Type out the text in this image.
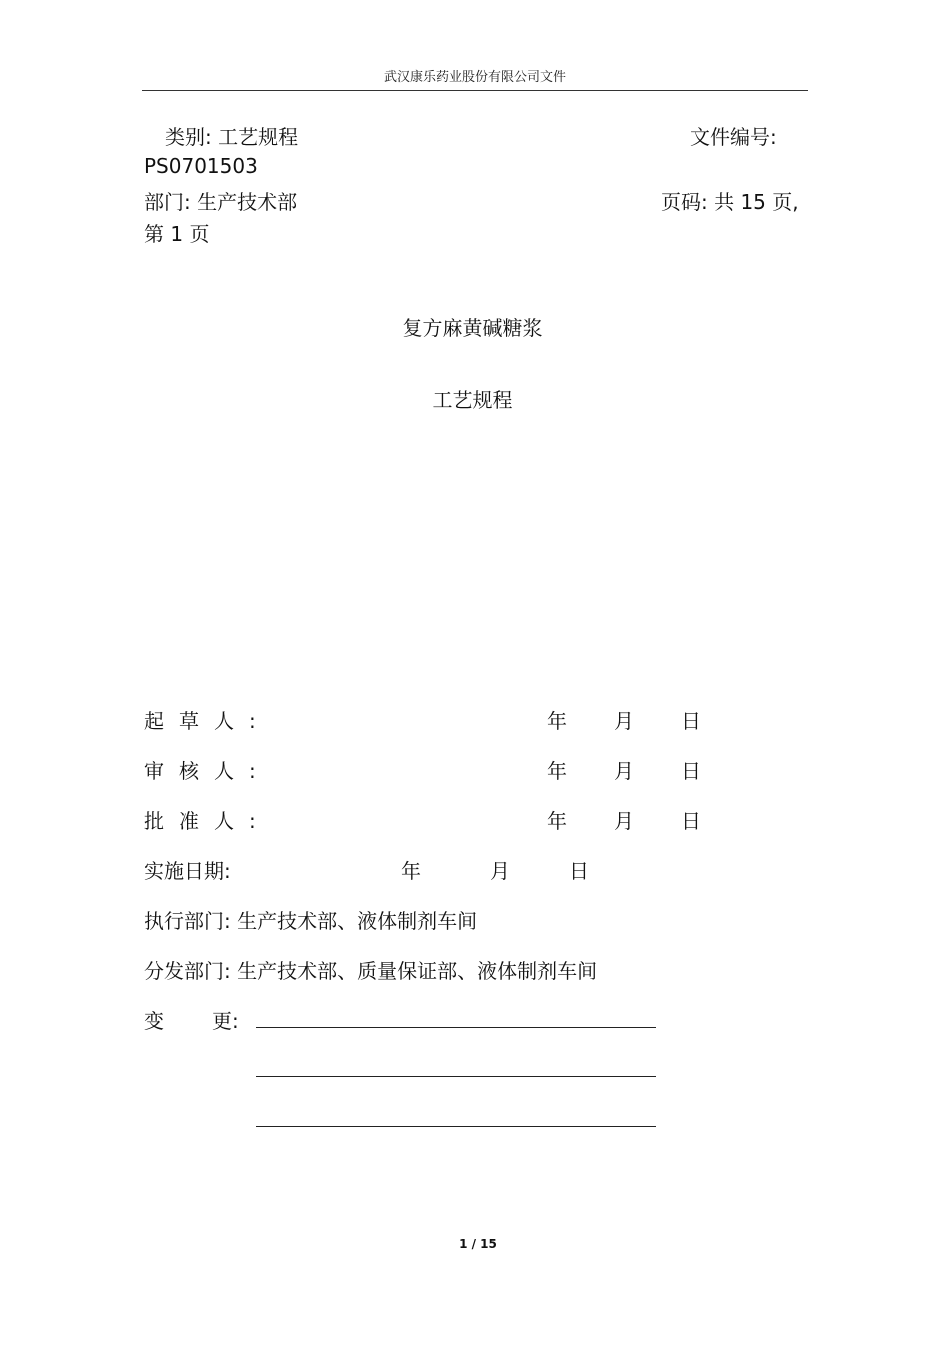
武汉康乐药业股份有限公司文件
类别: 工艺规程	文件编号:
PS0701503
部门: 生产技术部	页码: 共 15 页,
第 1 页
复方麻黄碱糖浆
工艺规程
起草人:	年 月 日
审核人:	年 月 日
批准人:	年 月 日
实施日期:	年	月	日
执行部门: 生产技术部、液体制剂车间
分发部门: 生产技术部、质量保证部、液体制剂车间
变 更:
1 / 15
